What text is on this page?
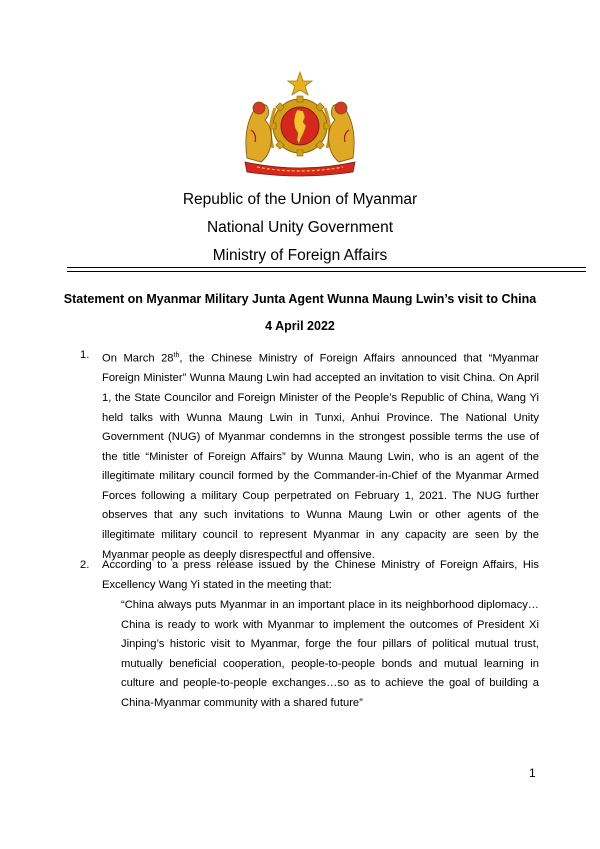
Republic of the Union of Myanmar
National Unity Government
Ministry of Foreign Affairs
Statement on Myanmar Military Junta Agent Wunna Maung Lwin’s visit to China
4 April 2022
1. On March 28th, the Chinese Ministry of Foreign Affairs announced that “Myanmar Foreign Minister” Wunna Maung Lwin had accepted an invitation to visit China. On April 1, the State Councilor and Foreign Minister of the People’s Republic of China, Wang Yi held talks with Wunna Maung Lwin in Tunxi, Anhui Province. The National Unity Government (NUG) of Myanmar condemns in the strongest possible terms the use of the title “Minister of Foreign Affairs” by Wunna Maung Lwin, who is an agent of the illegitimate military council formed by the Commander-in-Chief of the Myanmar Armed Forces following a military Coup perpetrated on February 1, 2021. The NUG further observes that any such invitations to Wunna Maung Lwin or other agents of the illegitimate military council to represent Myanmar in any capacity are seen by the Myanmar people as deeply disrespectful and offensive.
2. According to a press release issued by the Chinese Ministry of Foreign Affairs, His Excellency Wang Yi stated in the meeting that:
“China always puts Myanmar in an important place in its neighborhood diplomacy…China is ready to work with Myanmar to implement the outcomes of President Xi Jinping’s historic visit to Myanmar, forge the four pillars of political mutual trust, mutually beneficial cooperation, people-to-people bonds and mutual learning in culture and people-to-people exchanges…so as to achieve the goal of building a China-Myanmar community with a shared future”
1
